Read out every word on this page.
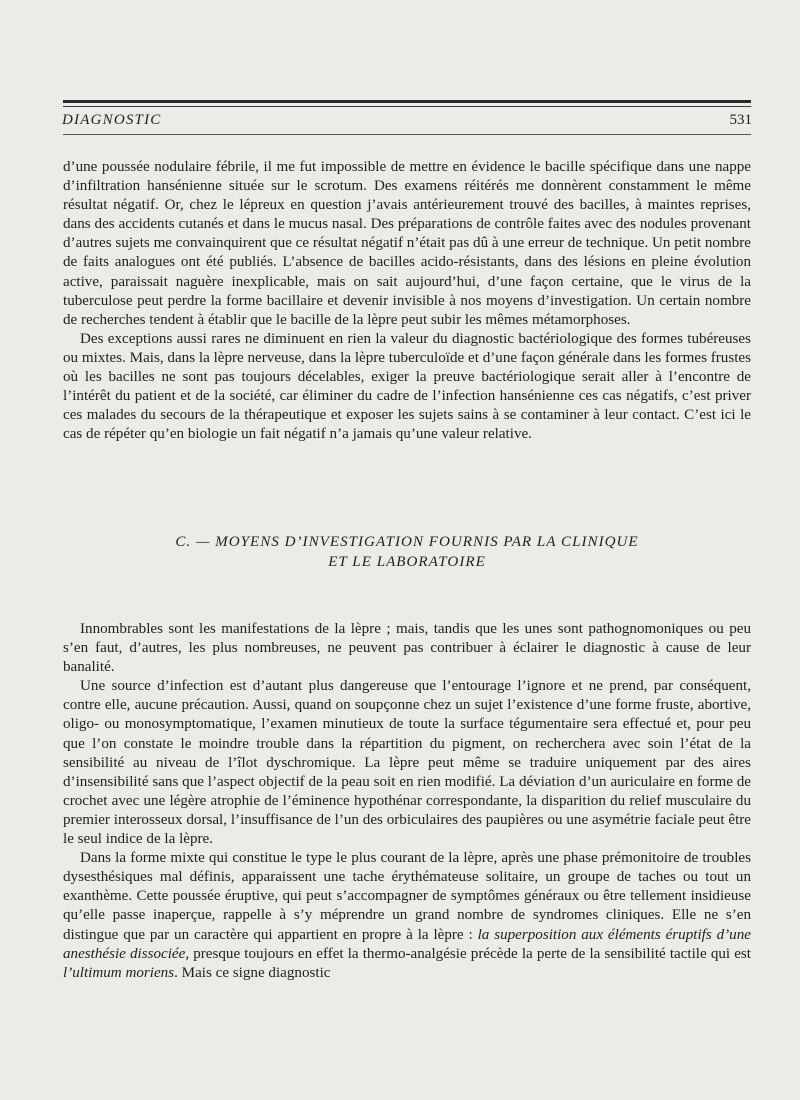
DIAGNOSTIC	531

d’une poussée nodulaire fébrile, il me fut impossible de mettre en évidence le bacille spécifique dans une nappe d’infiltration hansénienne située sur le scrotum. Des examens réitérés me donnèrent constamment le même résultat négatif. Or, chez le lépreux en question j’avais antérieurement trouvé des bacilles, à maintes reprises, dans des accidents cutanés et dans le mucus nasal. Des préparations de contrôle faites avec des nodules provenant d’autres sujets me convainquirent que ce résultat négatif n’était pas dû à une erreur de technique. Un petit nombre de faits analogues ont été publiés. L’absence de bacilles acido-résistants, dans des lésions en pleine évolution active, paraissait naguère inexplicable, mais on sait aujourd’hui, d’une façon certaine, que le virus de la tuberculose peut perdre la forme bacillaire et devenir invisible à nos moyens d’investigation. Un certain nombre de recherches tendent à établir que le bacille de la lèpre peut subir les mêmes métamorphoses.

Des exceptions aussi rares ne diminuent en rien la valeur du diagnostic bactériologique des formes tubéreuses ou mixtes. Mais, dans la lèpre nerveuse, dans la lèpre tuberculoïde et d’une façon générale dans les formes frustes où les bacilles ne sont pas toujours décelables, exiger la preuve bactériologique serait aller à l’encontre de l’intérêt du patient et de la société, car éliminer du cadre de l’infection hansénienne ces cas négatifs, c’est priver ces malades du secours de la thérapeutique et exposer les sujets sains à se contaminer à leur contact. C’est ici le cas de répéter qu’en biologie un fait négatif n’a jamais qu’une valeur relative.

C. — MOYENS D’INVESTIGATION FOURNIS PAR LA CLINIQUE
ET LE LABORATOIRE

Innombrables sont les manifestations de la lèpre ; mais, tandis que les unes sont pathognomoniques ou peu s’en faut, d’autres, les plus nombreuses, ne peuvent pas contribuer à éclairer le diagnostic à cause de leur banalité.

Une source d’infection est d’autant plus dangereuse que l’entourage l’ignore et ne prend, par conséquent, contre elle, aucune précaution. Aussi, quand on soupçonne chez un sujet l’existence d’une forme fruste, abortive, oligo- ou monosymptomatique, l’examen minutieux de toute la surface tégumentaire sera effectué et, pour peu que l’on constate le moindre trouble dans la répartition du pigment, on recherchera avec soin l’état de la sensibilité au niveau de l’îlot dyschromique. La lèpre peut même se traduire uniquement par des aires d’insensibilité sans que l’aspect objectif de la peau soit en rien modifié. La déviation d’un auriculaire en forme de crochet avec une légère atrophie de l’éminence hypothénar correspondante, la disparition du relief musculaire du premier interosseux dorsal, l’insuffisance de l’un des orbiculaires des paupières ou une asymétrie faciale peut être le seul indice de la lèpre.

Dans la forme mixte qui constitue le type le plus courant de la lèpre, après une phase prémonitoire de troubles dysesthésiques mal définis, apparaissent une tache érythémateuse solitaire, un groupe de taches ou tout un exanthème. Cette poussée éruptive, qui peut s’accompagner de symptômes généraux ou être tellement insidieuse qu’elle passe inaperçue, rappelle à s’y méprendre un grand nombre de syndromes cliniques. Elle ne s’en distingue que par un caractère qui appartient en propre à la lèpre : la superposition aux éléments éruptifs d’une anesthésie dissociée, presque toujours en effet la thermo-analgésie précède la perte de la sensibilité tactile qui est l’ultimum moriens. Mais ce signe diagnostic
